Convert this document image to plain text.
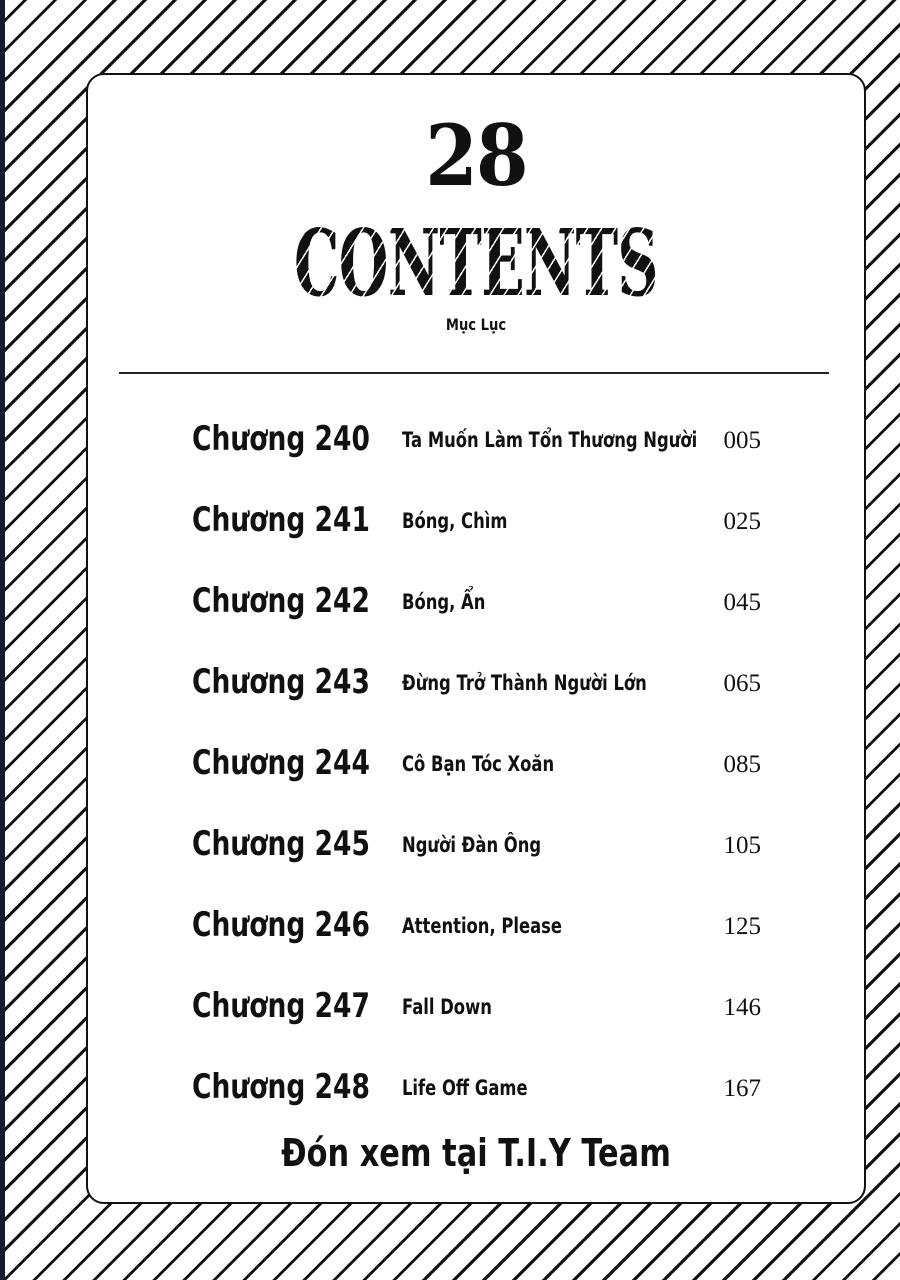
28
CONTENTS
Mục Lục
Chương 240 Ta Muốn Làm Tổn Thương Người 005
Chương 241 Bóng, Chìm	025
Chương 242 Bóng, Ẩn	045
Chương 243 Đừng Trở Thành Người Lớn	065
Chương 244 Cô Bạn Tóc Xoăn	085
Chương 245 Người Đàn Ông	105
Chương 246 Attention, Please	125
Chương 247 Fall Down	146
Chương 248 Life Off Game	167
Đón xem tại T.I.Y Team
